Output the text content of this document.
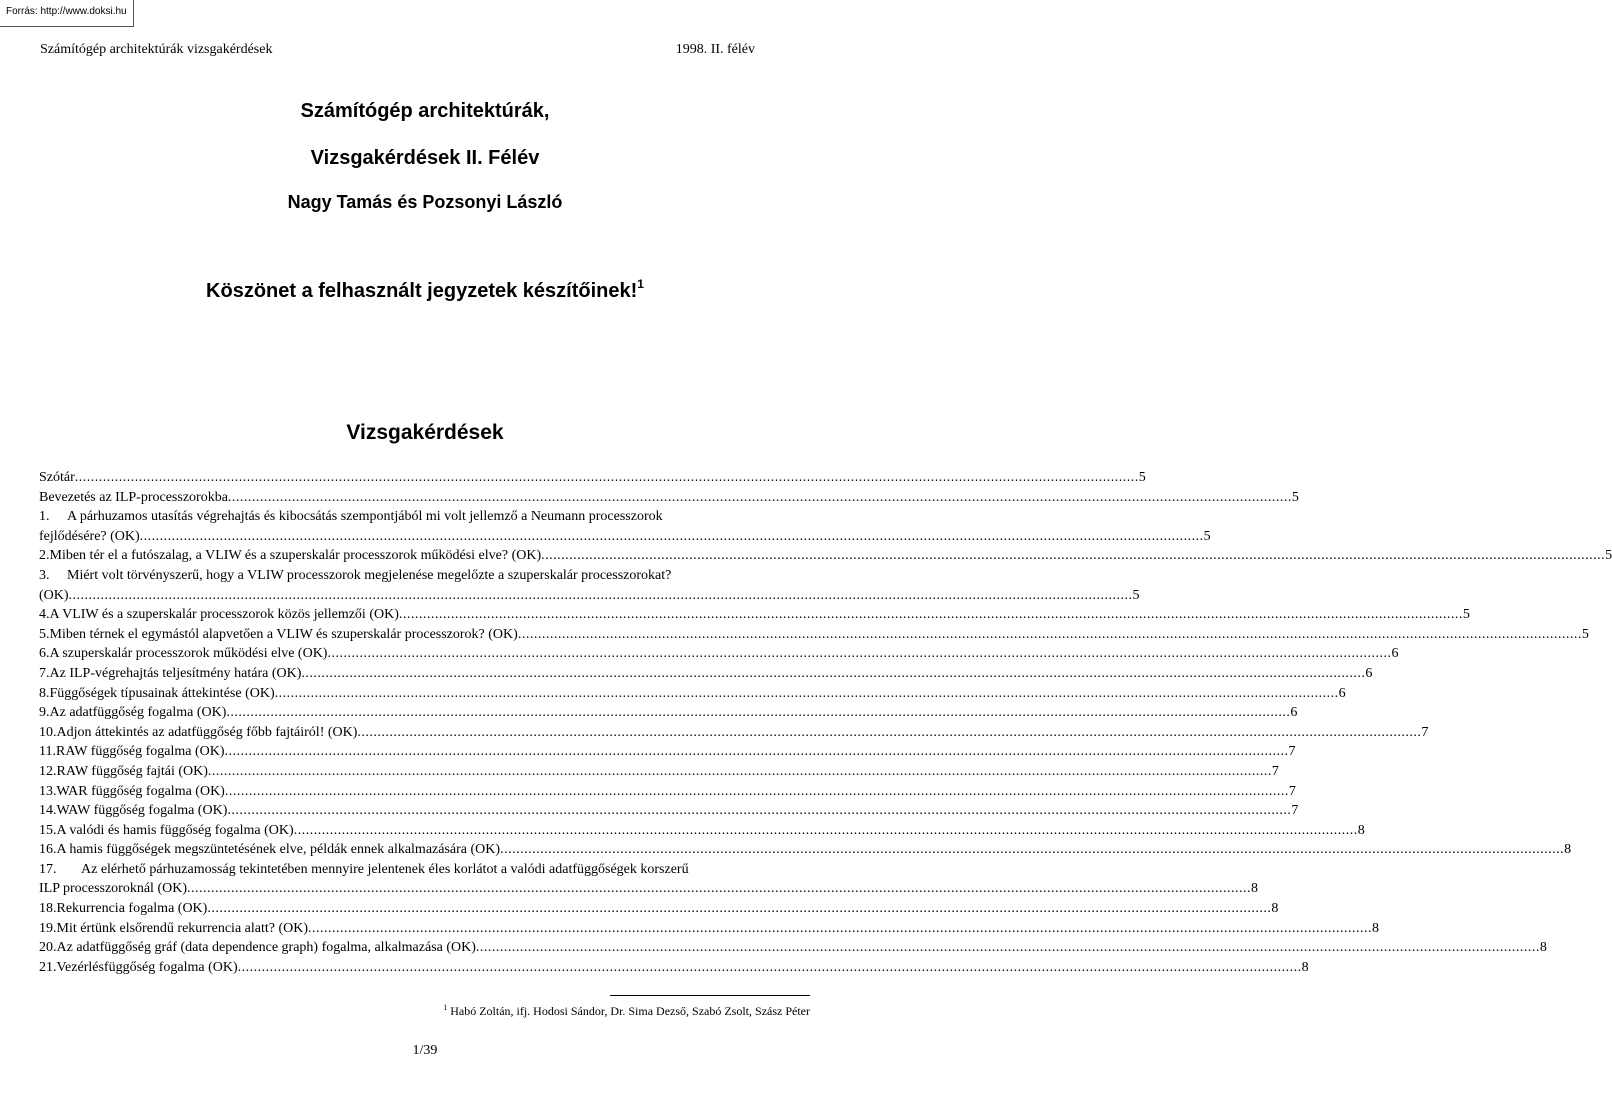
Forrás: http://www.doksi.hu
Számítógép architektúrák vizsgakérdések	1998. II. félév
Számítógép architektúrák,
Vizsgakérdések II. Félév
Nagy Tamás és Pozsonyi László
Köszönet a felhasznált jegyzetek készítőinek!$^1$
Vizsgakérdések
Szótár .....	5
Bevezetés az ILP-processzorokba .....	5
1. A párhuzamos utasítás végrehajtás és kibocsátás szempontjából mi volt jellemző a Neumann processzorok
fejlődésére? (OK) .....	5
2. Miben tér el a futószalag, a VLIW és a szuperskalár processzorok működési elve? (OK) .....	5
3. Miért volt törvényszerű, hogy a VLIW processzorok megjelenése megelőzte a szuperskalár processzorokat?
(OK) .....	5
4. A VLIW és a szuperskalár processzorok közös jellemzői (OK) .....	5
5. Miben térnek el egymástól alapvetően a VLIW és szuperskalár processzorok? (OK) .....	5
6. A szuperskalár processzorok működési elve (OK) .....	6
7. Az ILP-végrehajtás teljesítmény határa (OK) .....	6
8. Függőségek típusainak áttekintése (OK) .....	6
9. Az adatfüggőség fogalma (OK) .....	6
10. Adjon áttekintés az adatfüggőség főbb fajtáiról! (OK) .....	7
11. RAW függőség fogalma (OK) .....	7
12. RAW függőség fajtái (OK) .....	7
13. WAR függőség fogalma (OK) .....	7
14. WAW függőség fogalma (OK) .....	7
15. A valódi és hamis függőség fogalma (OK) .....	8
16. A hamis függőségek megszüntetésének elve, példák ennek alkalmazására (OK) .....	8
17. Az elérhető párhuzamosság tekintetében mennyire jelentenek éles korlátot a valódi adatfüggőségek korszerű
ILP processzoroknál (OK) .....	8
18. Rekurrencia fogalma (OK) .....	8
19. Mit értünk elsőrendű rekurrencia alatt? (OK) .....	8
20. Az adatfüggőség gráf (data dependence graph) fogalma, alkalmazása (OK) .....	8
21. Vezérlésfüggőség fogalma (OK) .....	8
$^1$ Habó Zoltán, ifj. Hodosi Sándor, Dr. Sima Dezső, Szabó Zsolt, Szász Péter
1/39
